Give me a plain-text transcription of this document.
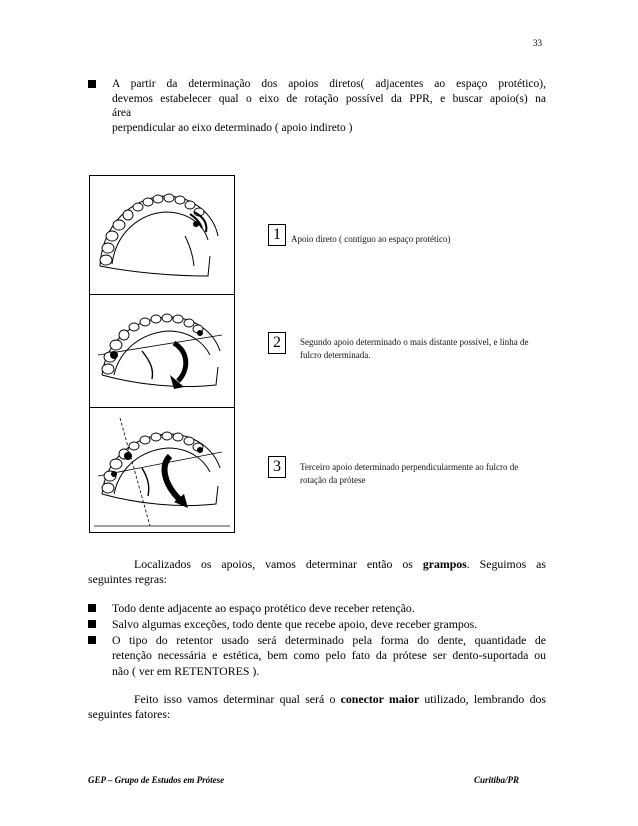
33
A partir da determinação dos apoios diretos( adjacentes ao espaço protético),
devemos estabelecer qual o eixo de rotação possível da PPR, e buscar apoio(s) na
área
perpendicular ao eixo determinado ( apoio indireto )
1	Apoio direto ( contíguo ao espaço protético)
2	Segundo apoio determinado o mais distante possível, e linha de
fulcro determinada.
3	Terceiro apoio determinado perpendicularmente ao fulcro de
rotação da prótese
Localizados os apoios, vamos determinar então os grampos. Seguimos as
seguintes regras:
Todo dente adjacente ao espaço protético deve receber retenção.
Salvo algumas exceções, todo dente que recebe apoio, deve receber grampos.
O tipo do retentor usado será determinado pela forma do dente, quantidade de
retenção necessária e estética, bem como pelo fato da prótese ser dento-suportada ou
não ( ver em RETENTORES ).
Feito isso vamos determinar qual será o conector maior utilizado, lembrando dos
seguintes fatores:
GEP – Grupo de Estudos em Prótese	Curitiba/PR
